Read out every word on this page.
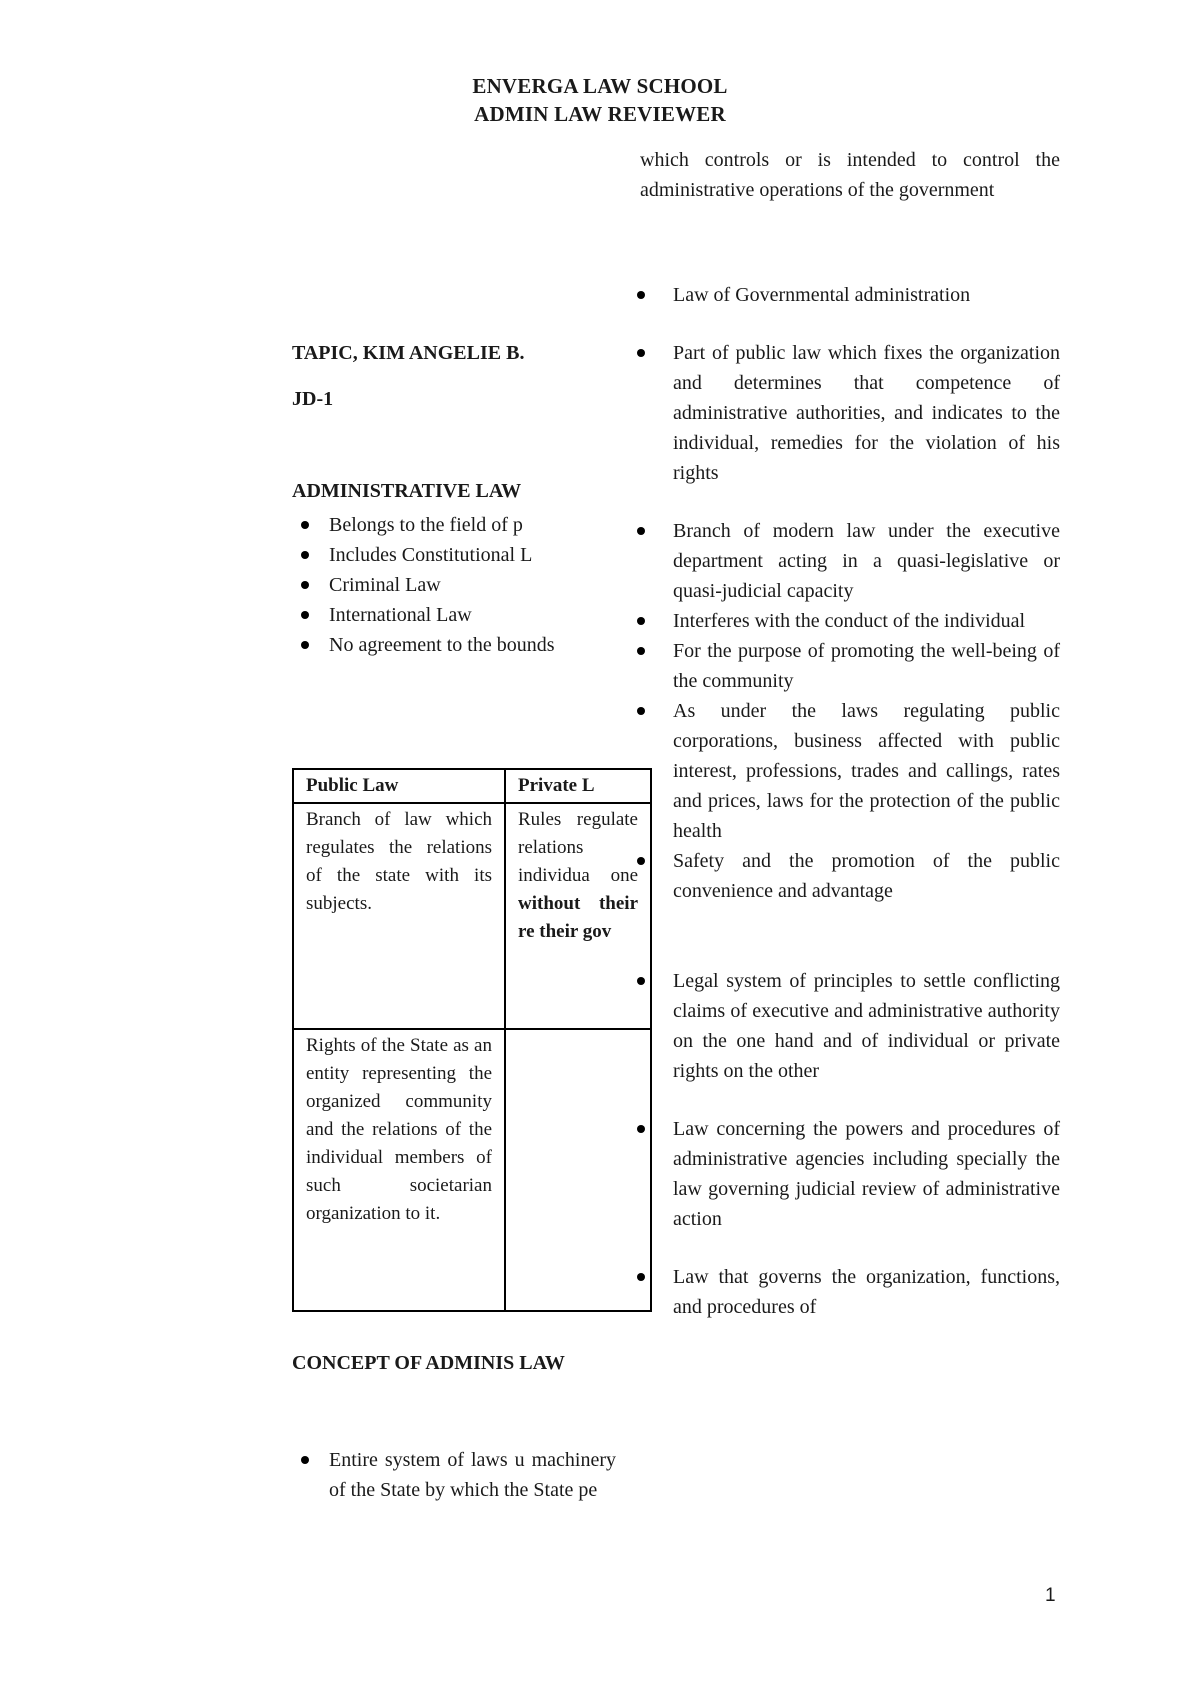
ENVERGA LAW SCHOOL
ADMIN LAW REVIEWER
TAPIC, KIM ANGELIE B.
JD-1
ADMINISTRATIVE LAW
Belongs to the field of p
Includes Constitutional L
Criminal Law
International Law
No agreement to the bounds
Public Law	Private L
Branch of law which regulates the relations of the state with its subjects.	Rules regulate relations individua one without their re their gov
Rights of the State as an entity representing the organized community and the relations of the individual members of such societarian organization to it.	
CONCEPT OF ADMINIS LAW
Entire system of laws u machinery of the State by which the State pe
which controls or is intended to control the administrative operations of the government
Law of Governmental administration
Part of public law which fixes the organization and determines that competence of administrative authorities, and indicates to the individual, remedies for the violation of his rights
Branch of modern law under the executive department acting in a quasi-legislative or quasi-judicial capacity
Interferes with the conduct of the individual
For the purpose of promoting the well-being of the community
As under the laws regulating public corporations, business affected with public interest, professions, trades and callings, rates and prices, laws for the protection of the public health
Safety and the promotion of the public convenience and advantage
Legal system of principles to settle conflicting claims of executive and administrative authority on the one hand and of individual or private rights on the other
Law concerning the powers and procedures of administrative agencies including specially the law governing judicial review of administrative action
Law that governs the organization, functions, and procedures of
1
